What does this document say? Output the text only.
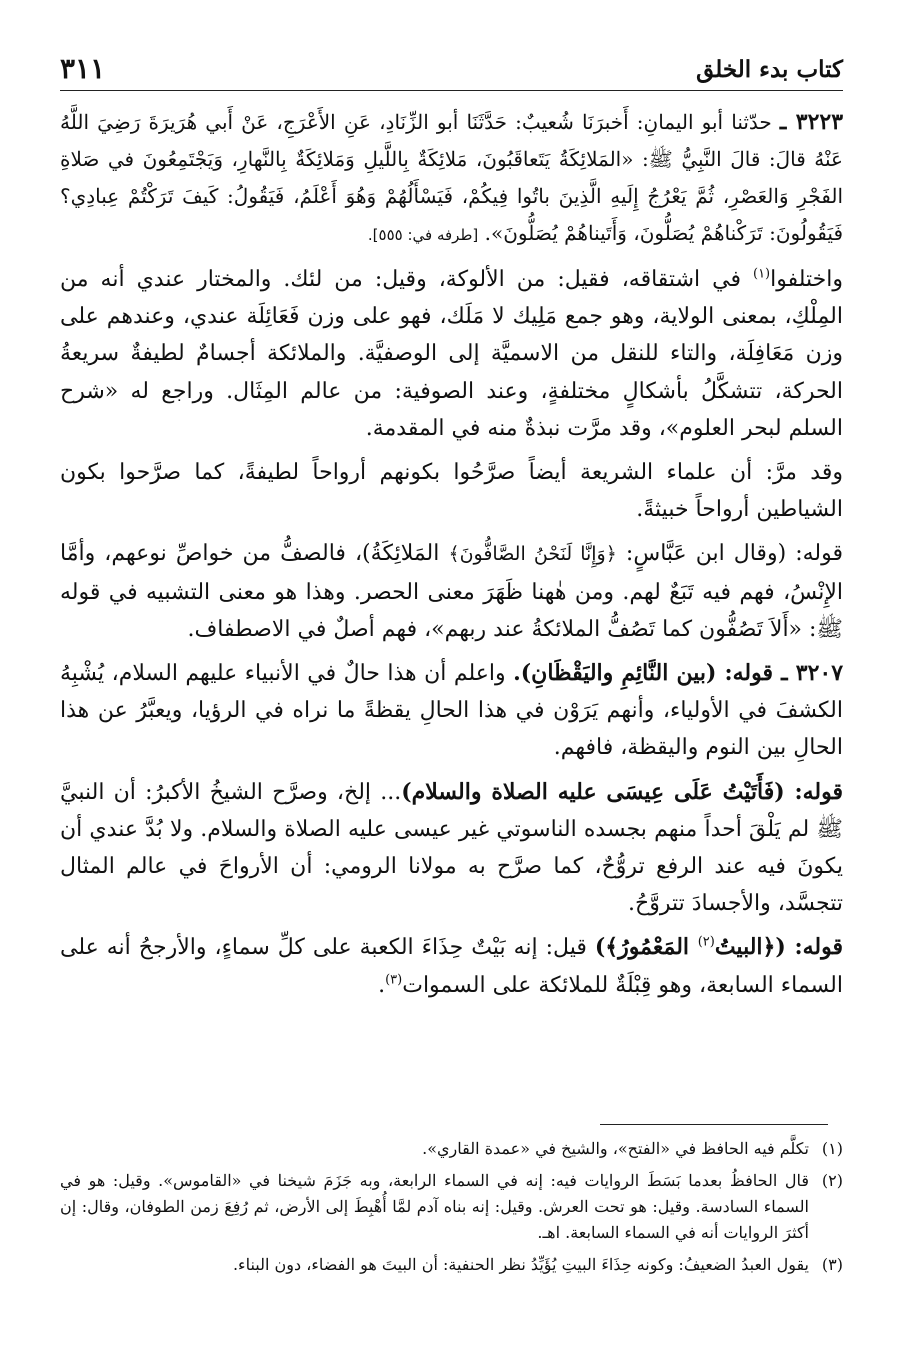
كتاب بدء الخلق
٣١١

٣٢٢٣ ـ حدّثنا أبو اليمانِ: أَخبرَنَا شُعيبٌ: حَدَّثَنَا أبو الزِّنَادِ، عَنِ الأَعْرَجِ، عَنْ أَبي هُرَيرَةَ رَضِيَ اللَّهُ عَنْهُ قالَ: قالَ النَّبِيُّ ﷺ: «المَلائِكَةُ يَتَعاقَبُونَ، مَلائِكَةٌ بِاللَّيلِ وَمَلائِكَةٌ بِالنَّهارِ، وَيَجْتَمِعُونَ في صَلاةِ الفَجْرِ وَالعَصْرِ، ثُمَّ يَعْرُجُ إِلَيهِ الَّذِينَ باتُوا فِيكُمْ، فَيَسْأَلُهُمْ وَهُوَ أَعْلَمُ، فَيَقُولُ: كَيفَ تَرَكْتُمْ عِبادِي؟ فَيَقُولُونَ: تَرَكْناهُمْ يُصَلُّونَ، وَأَتَيناهُمْ يُصَلُّونَ». [طرفه في: ٥٥٥].

واختلفوا$^{(١)}$ في اشتقاقه، فقيل: من الألوكة، وقيل: من لئك. والمختار عندي أنه من المِلْكِ، بمعنى الولاية، وهو جمع مَلِيك لا مَلَك، فهو على وزن فَعَائِلَة عندي، وعندهم على وزن مَعَافِلَة، والتاء للنقل من الاسميَّة إلى الوصفيَّة. والملائكة أجسامٌ لطيفةٌ سريعةُ الحركة، تتشكَّلُ بأشكالٍ مختلفةٍ، وعند الصوفية: من عالم المِثَال. وراجع له «شرح السلم لبحر العلوم»، وقد مرَّت نبذةٌ منه في المقدمة.

وقد مرَّ: أن علماء الشريعة أيضاً صرَّحُوا بكونهم أرواحاً لطيفةً، كما صرَّحوا بكون الشياطين أرواحاً خبيثةً.

قوله: (وقال ابن عَبَّاسٍ: ﴿وَإِنَّا لَنَحْنُ الصَّافُّونَ﴾ المَلائِكَةُ)، فالصفُّ من خواصِّ نوعهم، وأمَّا الإِنْسُ، فهم فيه تَبَعٌ لهم. ومن هٰهنا ظَهَرَ معنى الحصر. وهذا هو معنى التشبيه في قوله ﷺ: «أَلاَ تَصُفُّون كما تَصُفُّ الملائكةُ عند ربهم»، فهم أصلٌ في الاصطفاف.

٣٢٠٧ ـ قوله: (بين النَّائِمِ واليَقْظَانِ). واعلم أن هذا حالٌ في الأنبياء عليهم السلام، يُشْبِهُ الكشفَ في الأولياء، وأنهم يَرَوْن في هذا الحالِ يقظةً ما نراه في الرؤيا، ويعبَّرُ عن هذا الحالِ بين النوم واليقظة، فافهم.

قوله: (فَأَتَيْتُ عَلَى عِيسَى عليه الصلاة والسلام)... إلخ، وصرَّح الشيخُ الأكبرُ: أن النبيَّ ﷺ لم يَلْقَ أحداً منهم بجسده الناسوتي غير عيسى عليه الصلاة والسلام. ولا بُدَّ عندي أن يكونَ فيه عند الرفع تروُّحٌ، كما صرَّح به مولانا الرومي: أن الأرواحَ في عالم المثال تتجسَّد، والأجسادَ تتروَّحُ.

قوله: (﴿البيتُ$^{(٢)}$ المَعْمُورُ﴾) قيل: إنه بَيْتٌ حِذَاءَ الكعبة على كلِّ سماءٍ، والأرجحُ أنه على السماء السابعة، وهو قِبْلَةٌ للملائكة على السموات$^{(٣)}$.

(١)
تكلَّم فيه الحافظ في «الفتح»، والشيخ في «عمدة القاري».
(٢)
قال الحافظُ بعدما بَسَطَ الروايات فيه: إنه في السماء الرابعة، وبه جَزَمَ شيخنا في «القاموس». وقيل: هو في السماء السادسة. وقيل: هو تحت العرش. وقيل: إنه بناه آدم لمَّا أُهْبِطَ إلى الأرض، ثم رُفِعَ زمن الطوفان، وقال: إن أكثرَ الروايات أنه في السماء السابعة. اهـ.
(٣)
يقول العبدُ الضعيفُ: وكونه حِذَاءَ البيتِ يُؤَيِّدُ نظر الحنفية: أن البيتَ هو الفضاء، دون البناء.
